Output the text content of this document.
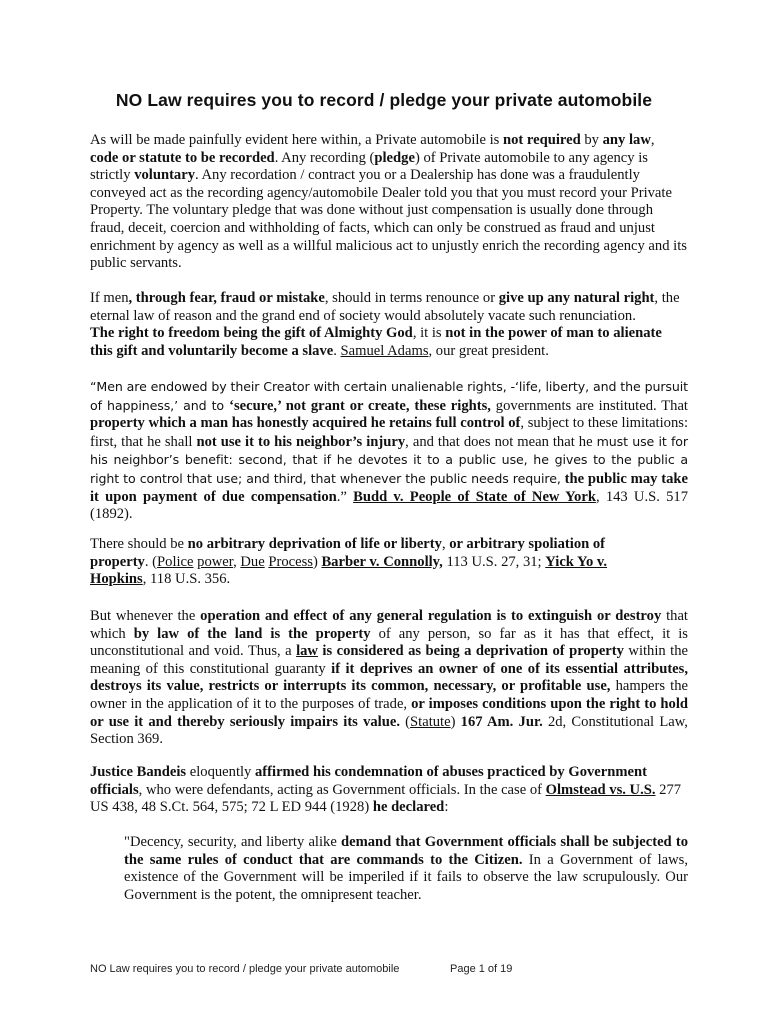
NO Law requires you to record / pledge your private automobile

As will be made painfully evident here within, a Private automobile is not required by any law,
code or statute to be recorded. Any recording (pledge) of Private automobile to any agency is strictly voluntary. Any recordation / contract you or a Dealership has done was a fraudulently conveyed act as the recording agency/automobile Dealer told you that you must record your Private Property. The voluntary pledge that was done without just compensation is usually done through fraud, deceit, coercion and withholding of facts, which can only be construed as fraud and unjust enrichment by agency as well as a willful malicious act to unjustly enrich the recording agency and its public servants.

If men, through fear, fraud or mistake, should in terms renounce or give up any natural right, the eternal law of reason and the grand end of society would absolutely vacate such renunciation.
The right to freedom being the gift of Almighty God, it is not in the power of man to alienate this gift and voluntarily become a slave. Samuel Adams, our great president.

“Men are endowed by their Creator with certain unalienable rights, -‘life, liberty, and the pursuit of happiness,’ and to ‘secure,’ not grant or create, these rights, governments are instituted. That property which a man has honestly acquired he retains full control of, subject to these limitations: first, that he shall not use it to his neighbor’s injury, and that does not mean that he must use it for his neighbor’s benefit: second, that if he devotes it to a public use, he gives to the public a right to control that use; and third, that whenever the public needs require, the public may take it upon payment of due compensation.” Budd v. People of State of New York, 143 U.S. 517 (1892).

There should be no arbitrary deprivation of life or liberty, or arbitrary spoliation of property. (Police power, Due Process) Barber v. Connolly, 113 U.S. 27, 31; Yick Yo v. Hopkins, 118 U.S. 356.

But whenever the operation and effect of any general regulation is to extinguish or destroy that which by law of the land is the property of any person, so far as it has that effect, it is unconstitutional and void. Thus, a law is considered as being a deprivation of property within the meaning of this constitutional guaranty if it deprives an owner of one of its essential attributes, destroys its value, restricts or interrupts its common, necessary, or profitable use, hampers the owner in the application of it to the purposes of trade, or imposes conditions upon the right to hold or use it and thereby seriously impairs its value. (Statute) 167 Am. Jur. 2d, Constitutional Law, Section 369.

Justice Bandeis eloquently affirmed his condemnation of abuses practiced by Government officials, who were defendants, acting as Government officials. In the case of Olmstead vs. U.S. 277 US 438, 48 S.Ct. 564, 575; 72 L ED 944 (1928) he declared:

"Decency, security, and liberty alike demand that Government officials shall be subjected to the same rules of conduct that are commands to the Citizen. In a Government of laws, existence of the Government will be imperiled if it fails to observe the law scrupulously. Our Government is the potent, the omnipresent teacher.

NO Law requires you to record / pledge your private automobile	Page 1 of 19
